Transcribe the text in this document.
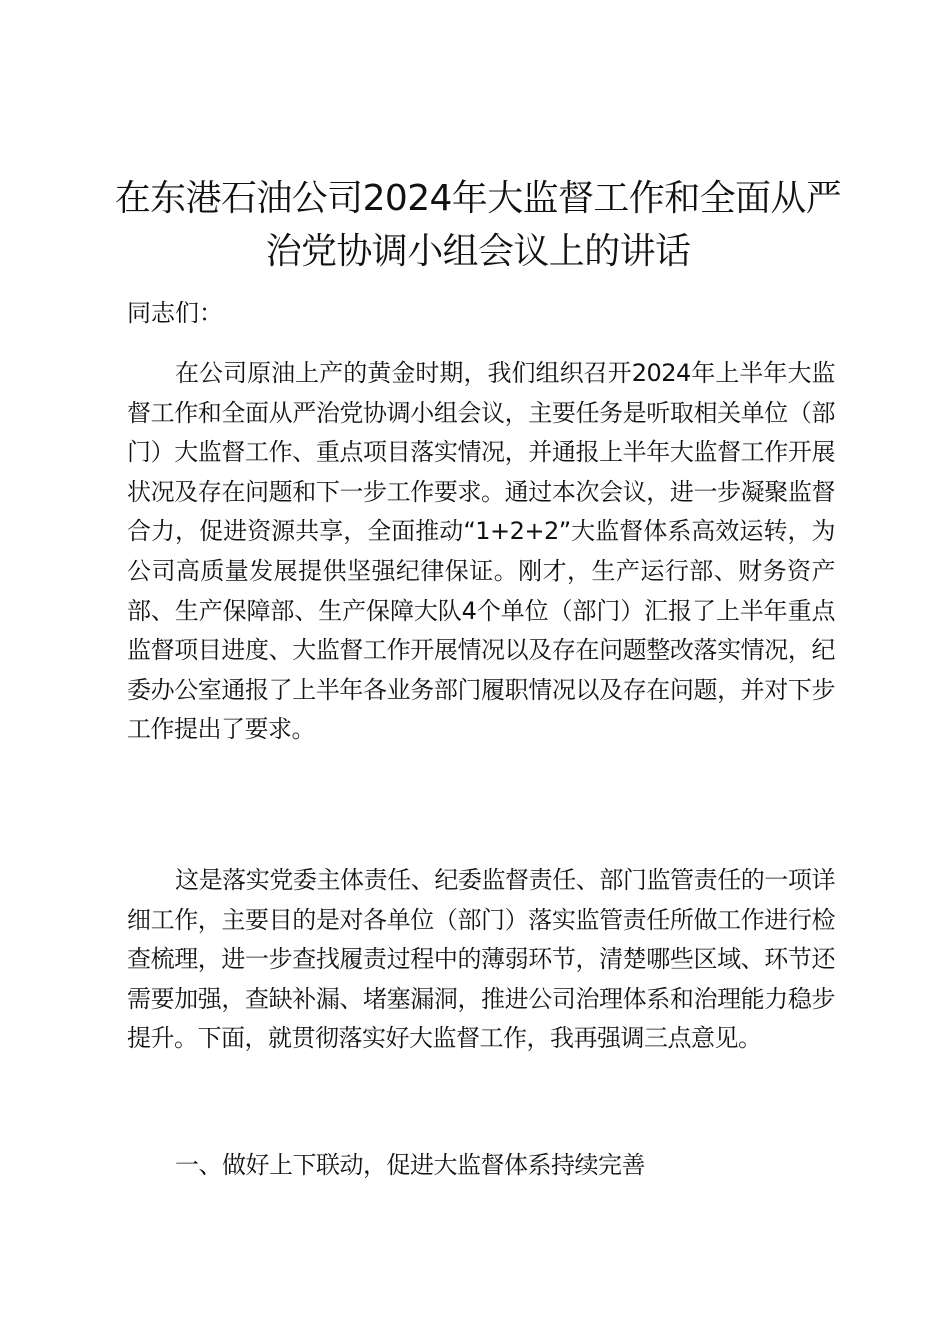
在东港石油公司2024年大监督工作和全面从严治党协调小组会议上的讲话

同志们：

在公司原油上产的黄金时期，我们组织召开2024年上半年大监督工作和全面从严治党协调小组会议，主要任务是听取相关单位（部门）大监督工作、重点项目落实情况，并通报上半年大监督工作开展状况及存在问题和下一步工作要求。通过本次会议，进一步凝聚监督合力，促进资源共享，全面推动“1+2+2”大监督体系高效运转，为公司高质量发展提供坚强纪律保证。刚才，生产运行部、财务资产部、生产保障部、生产保障大队4个单位（部门）汇报了上半年重点监督项目进度、大监督工作开展情况以及存在问题整改落实情况，纪委办公室通报了上半年各业务部门履职情况以及存在问题，并对下步工作提出了要求。

这是落实党委主体责任、纪委监督责任、部门监管责任的一项详细工作，主要目的是对各单位（部门）落实监管责任所做工作进行检查梳理，进一步查找履责过程中的薄弱环节，清楚哪些区域、环节还需要加强，查缺补漏、堵塞漏洞，推进公司治理体系和治理能力稳步提升。下面，就贯彻落实好大监督工作，我再强调三点意见。

一、做好上下联动，促进大监督体系持续完善
